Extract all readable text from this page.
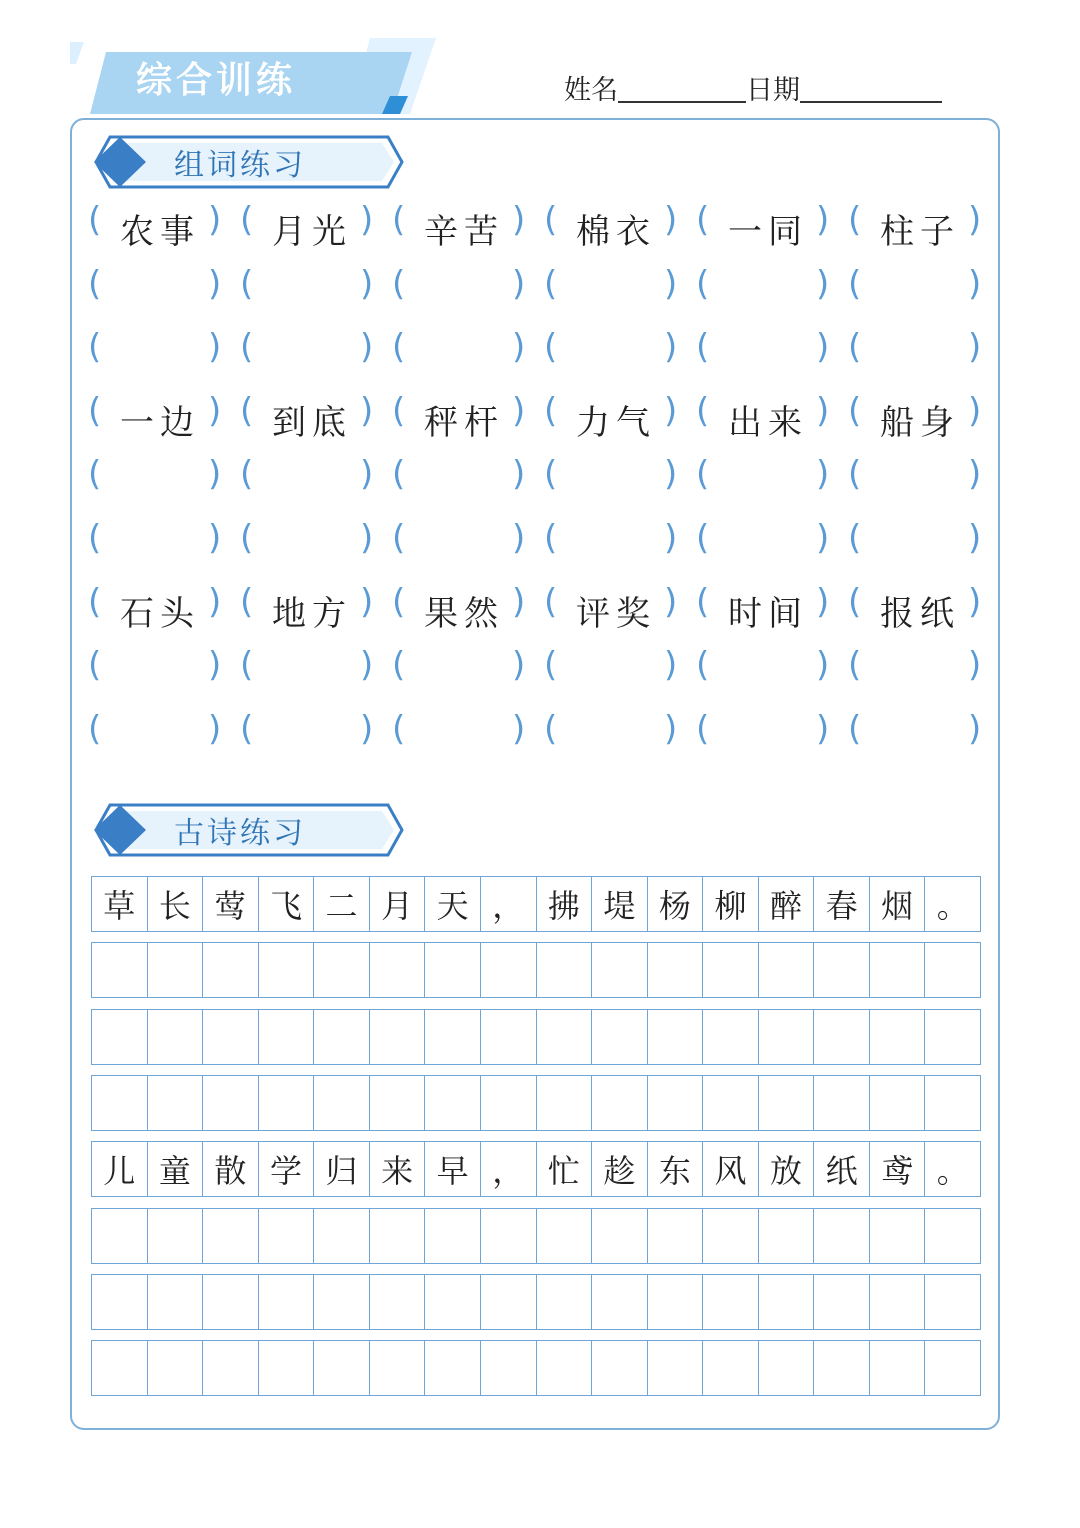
综合训练	姓名	日期
组词练习
( 农事 ) ( 月光 ) ( 辛苦 ) ( 棉衣 ) ( 一同 ) ( 柱子 )
(	) (	) (	) (	) (	) (	)
(	) (	) (	) (	) (	) (	)
( 一边 ) ( 到底 ) ( 秤杆 ) ( 力气 ) ( 出来 ) ( 船身 )
(	) (	) (	) (	) (	) (	)
(	) (	) (	) (	) (	) (	)
( 石头 ) ( 地方 ) ( 果然 ) ( 评奖 ) ( 时间 ) ( 报纸 )
(	) (	) (	) (	) (	) (	)
(	) (	) (	) (	) (	) (	)
古诗练习
草 长 莺 飞 二 月 天 ， 拂 堤 杨 柳 醉 春 烟 。
儿 童 散 学 归 来 早 ， 忙 趁 东 风 放 纸 鸢 。
